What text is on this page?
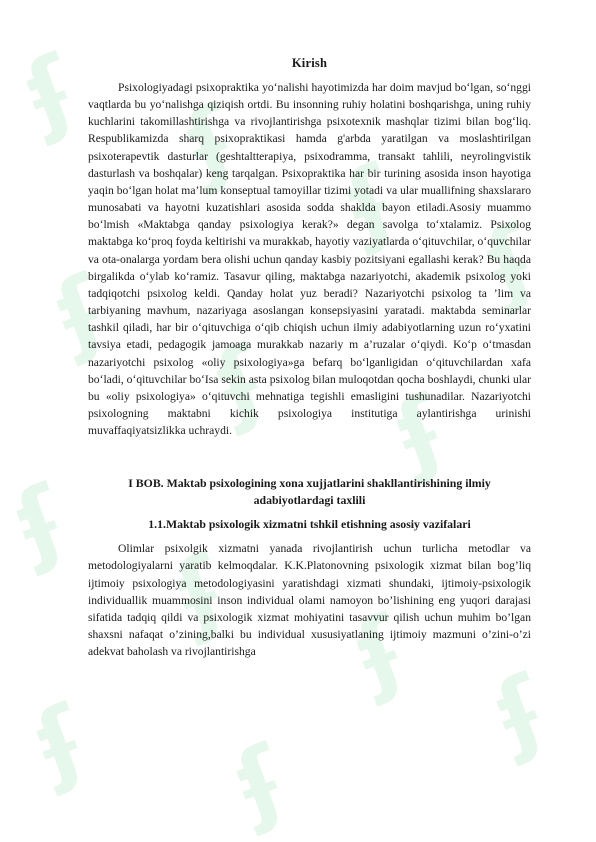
ʄ ʄ
ʄ
ʄ
ʄ
ʄ ʄ
ʄ
ʄ
ʄ
ʄ
ʄ ʄ
Kirish

Psixologiyadagi psixopraktika yo‘nalishi hayotimizda har doim mavjud bo‘lgan, so‘nggi vaqtlarda bu yo‘nalishga qiziqish ortdi. Bu insonning ruhiy holatini boshqarishga, uning ruhiy kuchlarini takomillashtirishga va rivojlantirishga psixotexnik mashqlar tizimi bilan bog‘liq. Respublikamizda sharq psixopraktikasi hamda g'arbda yaratilgan va moslashtirilgan psixoterapevtik dasturlar (geshtaltterapiya, psixodramma, transakt tahlili, neyrolingvistik dasturlash va boshqalar) keng tarqalgan. Psixopraktika har bir turining asosida inson hayotiga yaqin bo‘lgan holat ma’lum konseptual tamoyillar tizimi yotadi va ular muallifning shaxslararo munosabati va hayotni kuzatishlari asosida sodda shaklda bayon etiladi.Asosiy muammo bo‘lmish «Maktabga qanday psixologiya kerak?» degan savolga to‘xtalamiz. Psixolog maktabga ko‘proq foyda keltirishi va murakkab, hayotiy vaziyatlarda o‘qituvchilar, o‘quvchilar va ota-onalarga yordam bera olishi uchun qanday kasbiy pozitsiyani egallashi kerak? Bu haqda birgalikda o‘ylab ko‘ramiz. Tasavur qiling, maktabga nazariyotchi, akademik psixolog yoki tadqiqotchi psixolog keldi. Qanday holat yuz beradi? Nazariyotchi psixolog ta ’lim va tarbiyaning mavhum, nazariyaga asoslangan konsepsiyasini yaratadi. maktabda seminarlar tashkil qiladi, har bir o‘qituvchiga o‘qib chiqish uchun ilmiy adabiyotlarning uzun ro‘yxatini tavsiya etadi, pedagogik jamoaga murakkab nazariy m a’ruzalar o‘qiydi. Ko‘p o‘tmasdan nazariyotchi psixolog «oliy psixologiya»ga befarq bo‘lganligidan o‘qituvchilardan xafa bo‘ladi, o‘qituvchilar bo‘Isa sekin asta psixolog bilan muloqotdan qocha boshlaydi, chunki ular bu «oliy psixologiya» o‘qituvchi mehnatiga tegishli emasligini tushunadilar. Nazariyotchi psixologning maktabni kichik psixologiya institutiga aylantirishga urinishi muvaffaqiyatsizlikka uchraydi.

I BOB. Maktab psixologining xona xujjatlarini shakllantirishining ilmiy adabiyotlardagi taxlili
1.1.Maktab psixologik xizmatni tshkil etishning asosiy vazifalari

Olimlar psixolgik xizmatni yanada rivojlantirish uchun turlicha metodlar va metodologiyalarni yaratib kelmoqdalar. K.K.Platonovning psixologik xizmat bilan bog’liq ijtimoiy psixologiya metodologiyasini yaratishdagi xizmati shundaki, ijtimoiy-psixologik individuallik muammosini inson individual olami namoyon bo’lishining eng yuqori darajasi sifatida tadqiq qildi va psixologik xizmat mohiyatini tasavvur qilish uchun muhim bo’lgan shaxsni nafaqat o’zining,balki bu individual xususiyatlaning ijtimoiy mazmuni o’zini-o’zi adekvat baholash va rivojlantirishga
